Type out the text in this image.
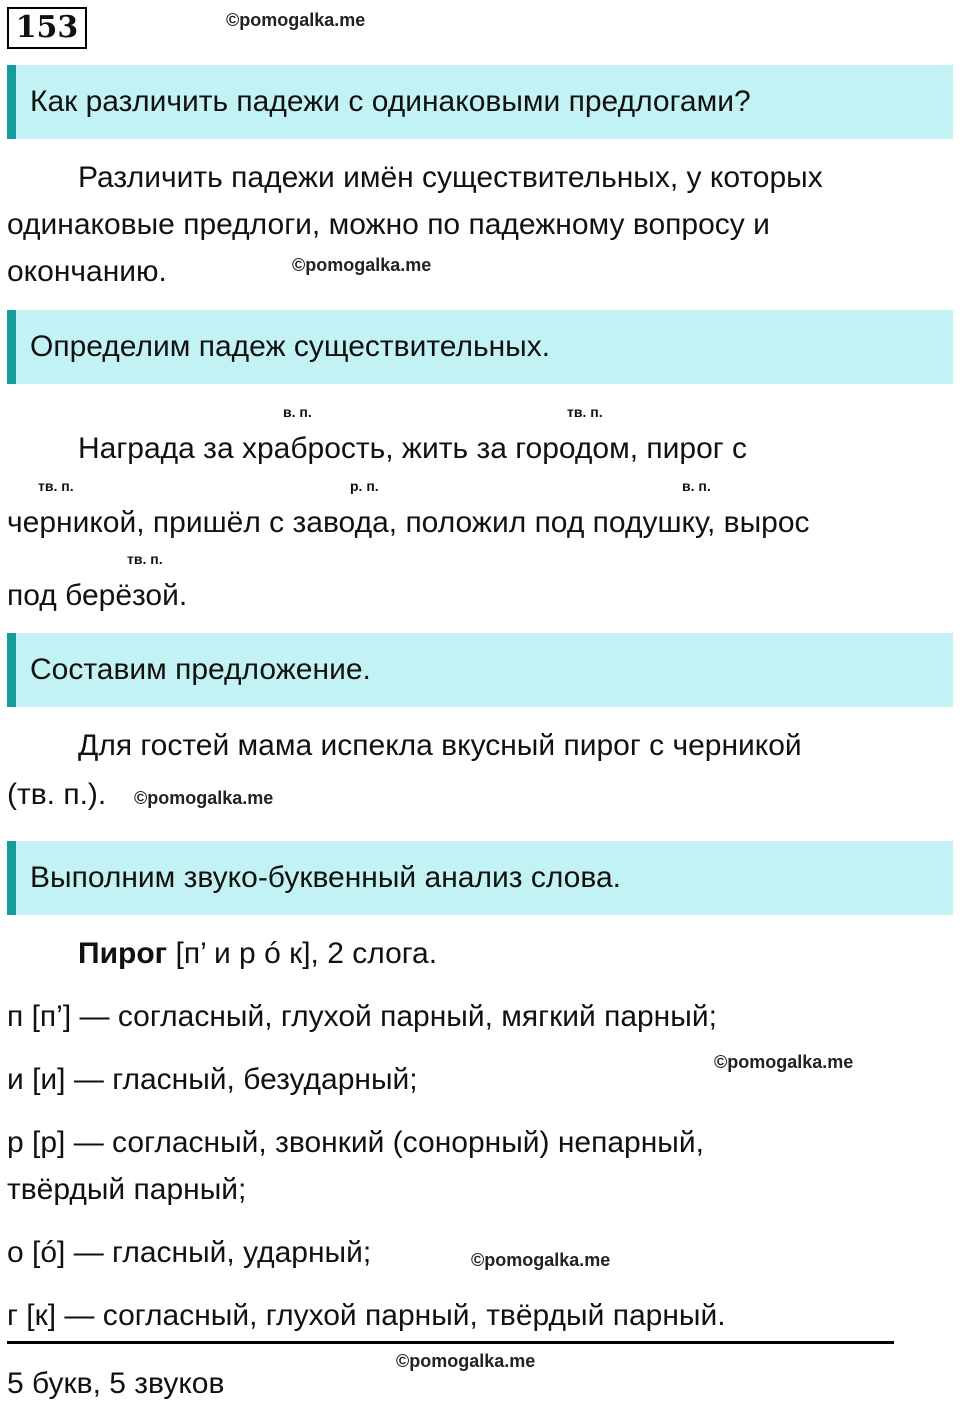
153	©pomogalka.me
Как различить падежи с одинаковыми предлогами?
Различить падежи имён существительных, у которых
одинаковые предлоги, можно по падежному вопросу и
окончанию.	©pomogalka.me
Определим падеж существительных.
в. п.	тв. п.
Награда за храбрость, жить за городом, пирог с
тв. п.	р. п.	в. п.
черникой, пришёл с завода, положил под подушку, вырос
тв. п.
под берёзой.
Составим предложение.
Для гостей мама испекла вкусный пирог с черникой
(тв. п.). ©pomogalka.me
Выполним звуко-буквенный анализ слова.
Пирог [п’ и р ó к], 2 слога.
п [п’] — согласный, глухой парный, мягкий парный;
©pomogalka.me
и [и] — гласный, безударный;
р [р] — согласный, звонкий (сонорный) непарный,
твёрдый парный;
о [ó] — гласный, ударный;	©pomogalka.me
г [к] — согласный, глухой парный, твёрдый парный.
©pomogalka.me
5 букв, 5 звуков
